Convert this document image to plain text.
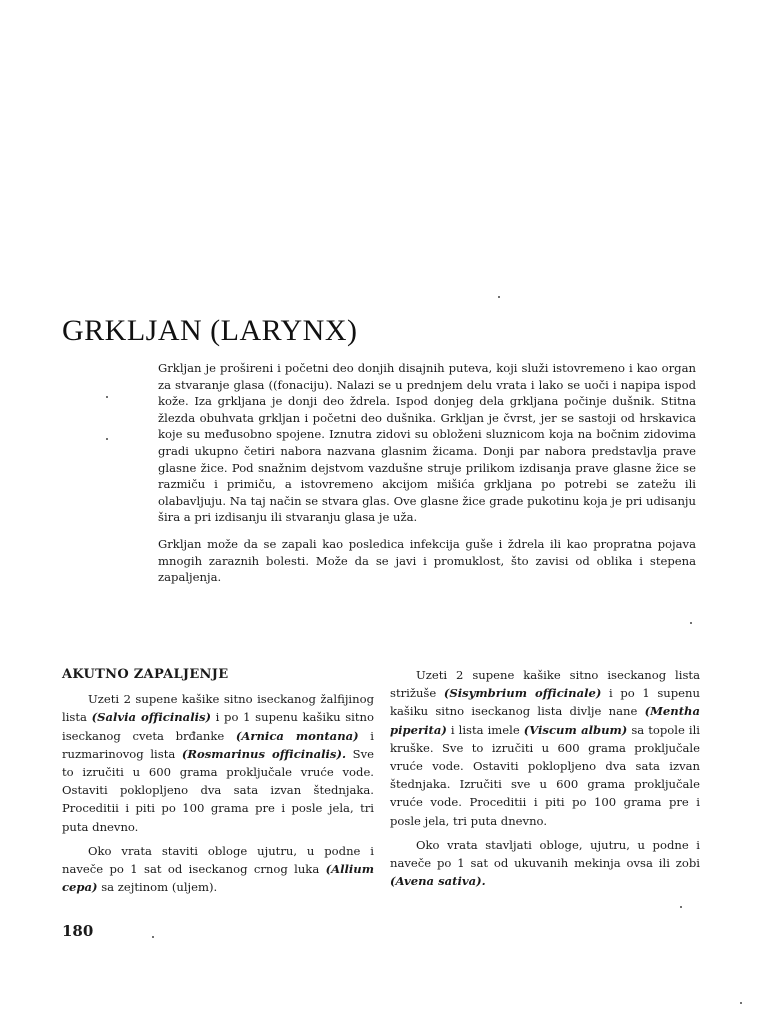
GRKLJAN (LARYNX)

Grkljan je prošireni i početni deo donjih disajnih puteva, koji služi istovremeno i kao organ za stvaranje glasa ((fonaciju). Nalazi se u prednjem delu vrata i lako se uoči i napipa ispod kože. Iza grkljana je donji deo ždrela. Ispod donjeg dela grkljana počinje dušnik. Stitna žlezda obuhvata grkljan i početni deo dušnika. Grkljan je čvrst, jer se sastoji od hrskavica koje su međusobno spojene. Iznutra zidovi su obloženi sluznicom koja na bočnim zidovima gradi ukupno četiri nabora nazvana glasnim žicama. Donji par nabora predstavlja prave glasne žice. Pod snažnim dejstvom vazdušne struje prilikom izdisanja prave glasne žice se razmiču i primiču, a istovremeno akcijom mišića grkljana po potrebi se zatežu ili olabavljuju. Na taj način se stvara glas. Ove glasne žice grade pukotinu koja je pri udisanju šira a pri izdisanju ili stvaranju glasa je uža.

Grkljan može da se zapali kao posledica infekcija guše i ždrela ili kao propratna pojava mnogih zaraznih bolesti. Može da se javi i promuklost, što zavisi od oblika i stepena zapaljenja.

AKUTNO ZAPALJENJE

Uzeti 2 supene kašike sitno iseckanog žalfijinog lista (Salvia officinalis) i po 1 supenu kašiku sitno iseckanog cveta brđanke (Arnica montana) i ruzmarinovog lista (Rosmarinus officinalis). Sve to izručiti u 600 grama proključale vruće vode. Ostaviti poklopljeno dva sata izvan štednjaka. Proceditii i piti po 100 grama pre i posle jela, tri puta dnevno.

Oko vrata staviti obloge ujutru, u podne i naveče po 1 sat od iseckanog crnog luka (Allium cepa) sa zejtinom (uljem).

Uzeti 2 supene kašike sitno iseckanog lista strižuše (Sisymbrium officinale) i po 1 supenu kašiku sitno iseckanog lista divlje nane (Mentha piperita) i lista imele (Viscum album) sa topole ili kruške. Sve to izručiti u 600 grama proključale vruće vode. Ostaviti poklopljeno dva sata izvan štednjaka. Izručiti sve u 600 grama proključale vruće vode. Proceditii i piti po 100 grama pre i posle jela, tri puta dnevno.

Oko vrata stavljati obloge, ujutru, u podne i naveče po 1 sat od ukuvanih mekinja ovsa ili zobi (Avena sativa).

180
